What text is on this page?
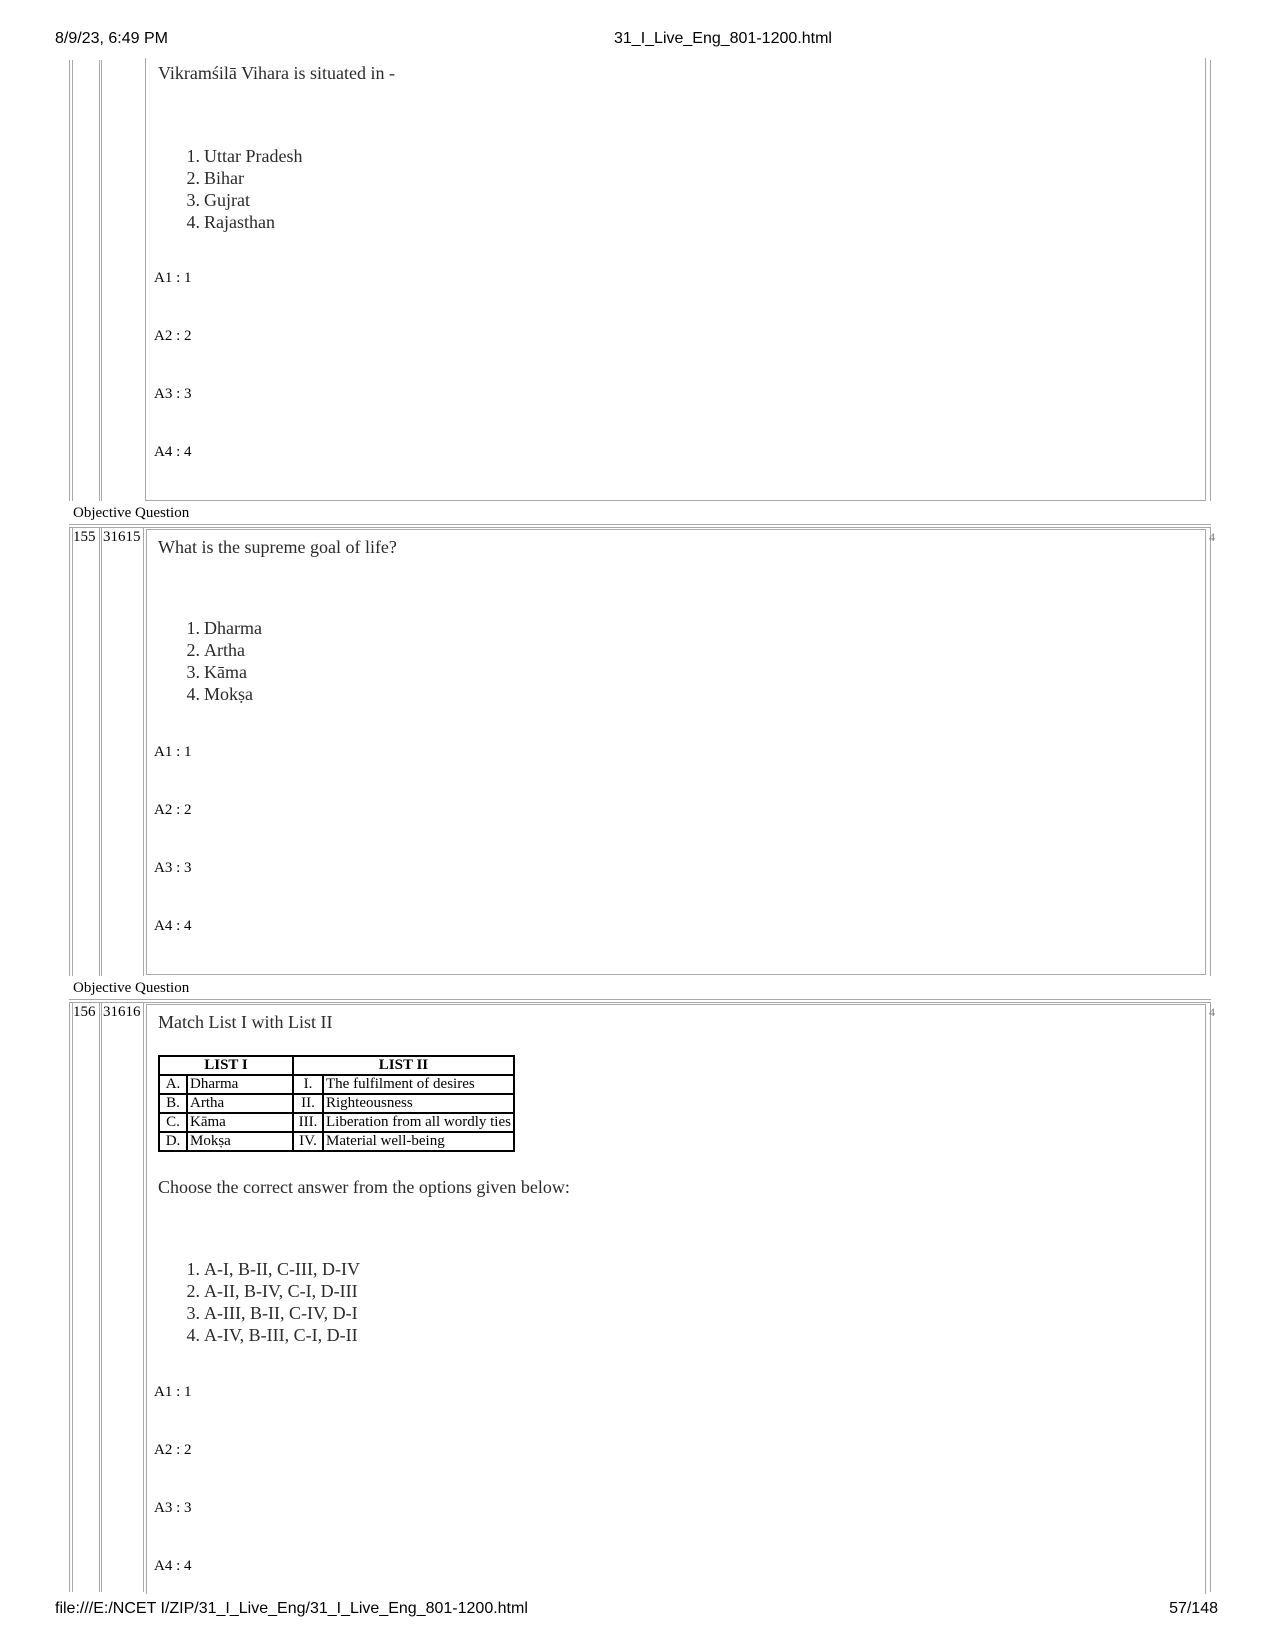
8/9/23, 6:49 PM	31_I_Live_Eng_801-1200.html
Vikramśilā Vihara is situated in -
1. Uttar Pradesh
2. Bihar
3. Gujrat
4. Rajasthan
A1 : 1
A2 : 2
A3 : 3
A4 : 4
Objective Question
155 31615	4
What is the supreme goal of life?
1. Dharma
2. Artha
3. Kāma
4. Mokṣa
A1 : 1
A2 : 2
A3 : 3
A4 : 4
Objective Question
156 31616	4
Match List I with List II
LIST I		LIST II	
A.	Dharma	I.	The fulfilment of desires
B.	Artha	II.	Righteousness
C.	Kāma	III.	Liberation from all wordly ties
D.	Mokṣa	IV.	Material well-being
Choose the correct answer from the options given below:
1. A-I, B-II, C-III, D-IV
2. A-II, B-IV, C-I, D-III
3. A-III, B-II, C-IV, D-I
4. A-IV, B-III, C-I, D-II
A1 : 1
A2 : 2
A3 : 3
A4 : 4
file:///E:/NCET I/ZIP/31_I_Live_Eng/31_I_Live_Eng_801-1200.html	57/148
